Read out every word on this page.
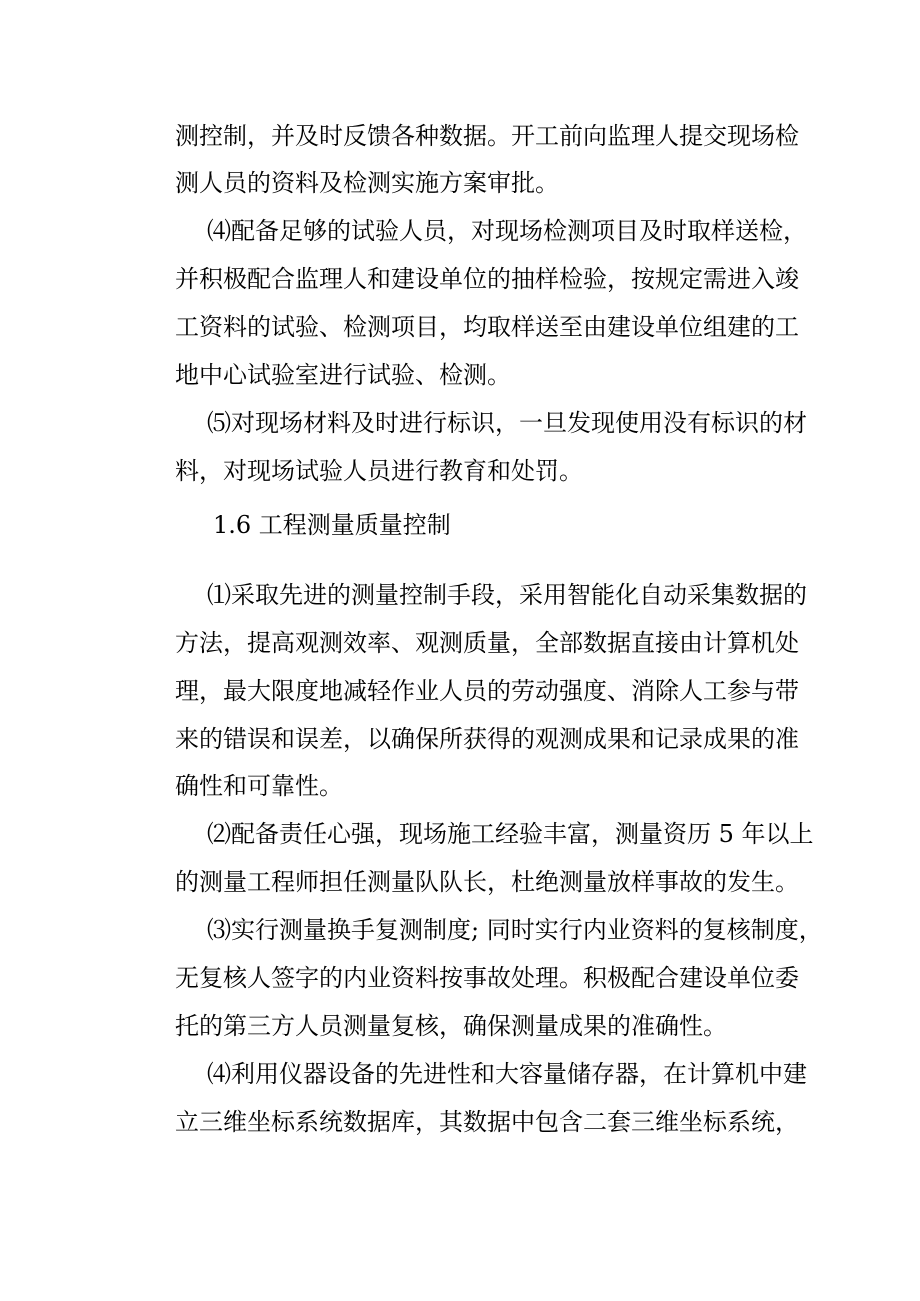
测控制，并及时反馈各种数据。开工前向监理人提交现场检
测人员的资料及检测实施方案审批。
⑷配备足够的试验人员，对现场检测项目及时取样送检，
并积极配合监理人和建设单位的抽样检验，按规定需进入竣
工资料的试验、检测项目，均取样送至由建设单位组建的工
地中心试验室进行试验、检测。
⑸对现场材料及时进行标识，一旦发现使用没有标识的材
料，对现场试验人员进行教育和处罚。
1.6 工程测量质量控制
⑴采取先进的测量控制手段，采用智能化自动采集数据的
方法，提高观测效率、观测质量，全部数据直接由计算机处
理，最大限度地减轻作业人员的劳动强度、消除人工参与带
来的错误和误差，以确保所获得的观测成果和记录成果的准
确性和可靠性。
⑵配备责任心强，现场施工经验丰富，测量资历 5 年以上
的测量工程师担任测量队队长，杜绝测量放样事故的发生。
⑶实行测量换手复测制度; 同时实行内业资料的复核制度，
无复核人签字的内业资料按事故处理。积极配合建设单位委
托的第三方人员测量复核，确保测量成果的准确性。
⑷利用仪器设备的先进性和大容量储存器，在计算机中建
立三维坐标系统数据库，其数据中包含二套三维坐标系统，
